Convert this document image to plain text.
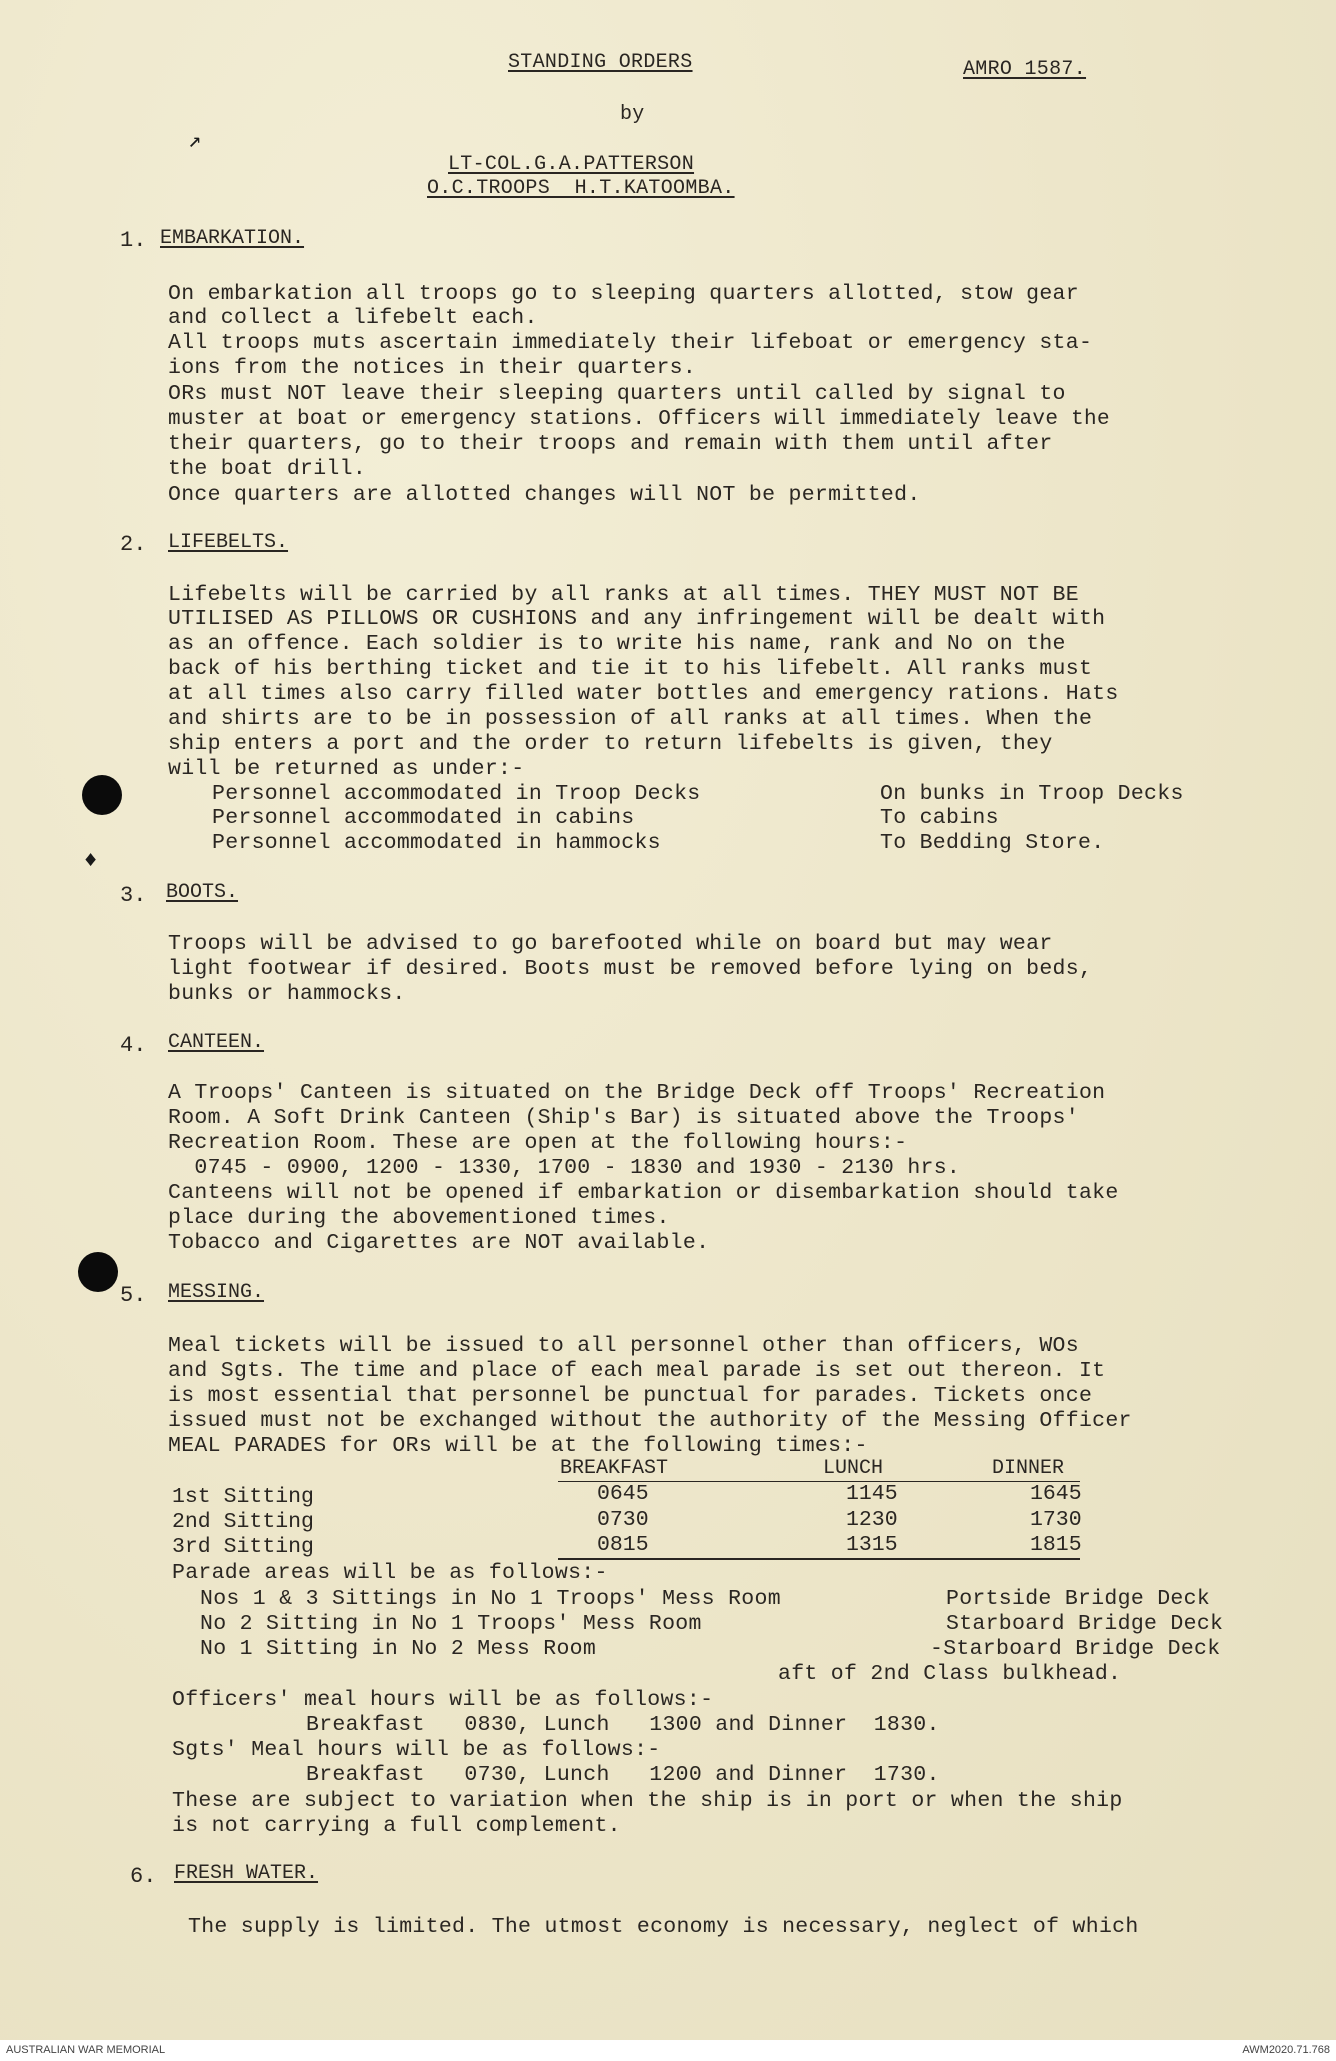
↗
♦
STANDING ORDERS	AMRO 1587.
by
LT-COL.G.A.PATTERSON
O.C.TROOPS  H.T.KATOOMBA.
1. EMBARKATION.
On embarkation all troops go to sleeping quarters allotted, stow gear
and collect a lifebelt each.
All troops muts ascertain immediately their lifeboat or emergency sta-
ions from the notices in their quarters.
ORs must NOT leave their sleeping quarters until called by signal to
muster at boat or emergency stations. Officers will immediately leave the
their quarters, go to their troops and remain with them until after
the boat drill.
Once quarters are allotted changes will NOT be permitted.
2. LIFEBELTS.
Lifebelts will be carried by all ranks at all times. THEY MUST NOT BE
UTILISED AS PILLOWS OR CUSHIONS and any infringement will be dealt with
as an offence. Each soldier is to write his name, rank and No on the
back of his berthing ticket and tie it to his lifebelt. All ranks must
at all times also carry filled water bottles and emergency rations. Hats
and shirts are to be in possession of all ranks at all times. When the
ship enters a port and the order to return lifebelts is given, they
will be returned as under:-
Personnel accommodated in Troop Decks	On bunks in Troop Decks
Personnel accommodated in cabins	To cabins
Personnel accommodated in hammocks	To Bedding Store.
3. BOOTS.
Troops will be advised to go barefooted while on board but may wear
light footwear if desired. Boots must be removed before lying on beds,
bunks or hammocks.
4. CANTEEN.
A Troops' Canteen is situated on the Bridge Deck off Troops' Recreation
Room. A Soft Drink Canteen (Ship's Bar) is situated above the Troops'
Recreation Room. These are open at the following hours:-
0745 - 0900, 1200 - 1330, 1700 - 1830 and 1930 - 2130 hrs.
Canteens will not be opened if embarkation or disembarkation should take
place during the abovementioned times.
Tobacco and Cigarettes are NOT available.
5. MESSING.
Meal tickets will be issued to all personnel other than officers, WOs
and Sgts. The time and place of each meal parade is set out thereon. It
is most essential that personnel be punctual for parades. Tickets once
issued must not be exchanged without the authority of the Messing Officer
MEAL PARADES for ORs will be at the following times:-
BREAKFAST	LUNCH	DINNER
1st Sitting	0645	1145	1645
2nd Sitting	0730	1230	1730
3rd Sitting	0815	1315	1815
Parade areas will be as follows:-
Nos 1 & 3 Sittings in No 1 Troops' Mess Room	Portside Bridge Deck
No 2 Sitting in No 1 Troops' Mess Room	Starboard Bridge Deck
No 1 Sitting in No 2 Mess Room	-Starboard Bridge Deck
aft of 2nd Class bulkhead.
Officers' meal hours will be as follows:-
Breakfast   0830, Lunch   1300 and Dinner  1830.
Sgts' Meal hours will be as follows:-
Breakfast   0730, Lunch   1200 and Dinner  1730.
These are subject to variation when the ship is in port or when the ship
is not carrying a full complement.
6. FRESH WATER.
The supply is limited. The utmost economy is necessary, neglect of which
AUSTRALIAN WAR MEMORIAL	AWM2020.71.768
